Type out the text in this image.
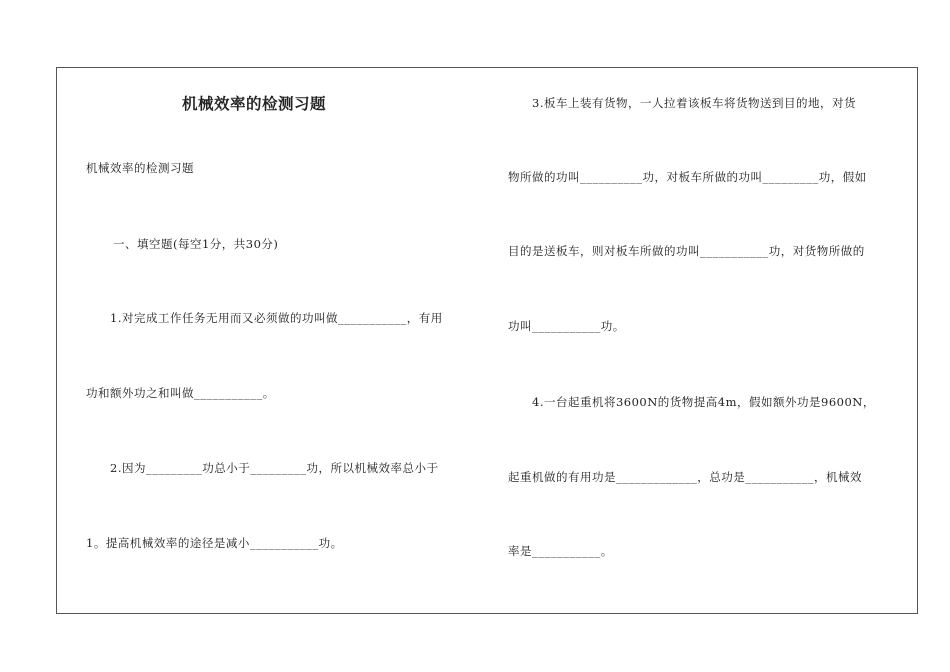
机械效率的检测习题
机械效率的检测习题
一、填空题(每空1分，共30分)
1.对完成工作任务无用而又必须做的功叫做___________，有用
功和额外功之和叫做___________。
2.因为_________功总小于_________功，所以机械效率总小于
1。提高机械效率的途径是减小___________功。
3.板车上装有货物，一人拉着该板车将货物送到目的地，对货
物所做的功叫__________功，对板车所做的功叫_________功，假如
目的是送板车，则对板车所做的功叫___________功，对货物所做的
功叫___________功。
4.一台起重机将3600N的货物提高4m，假如额外功是9600N，
起重机做的有用功是_____________，总功是___________，机械效
率是___________。
